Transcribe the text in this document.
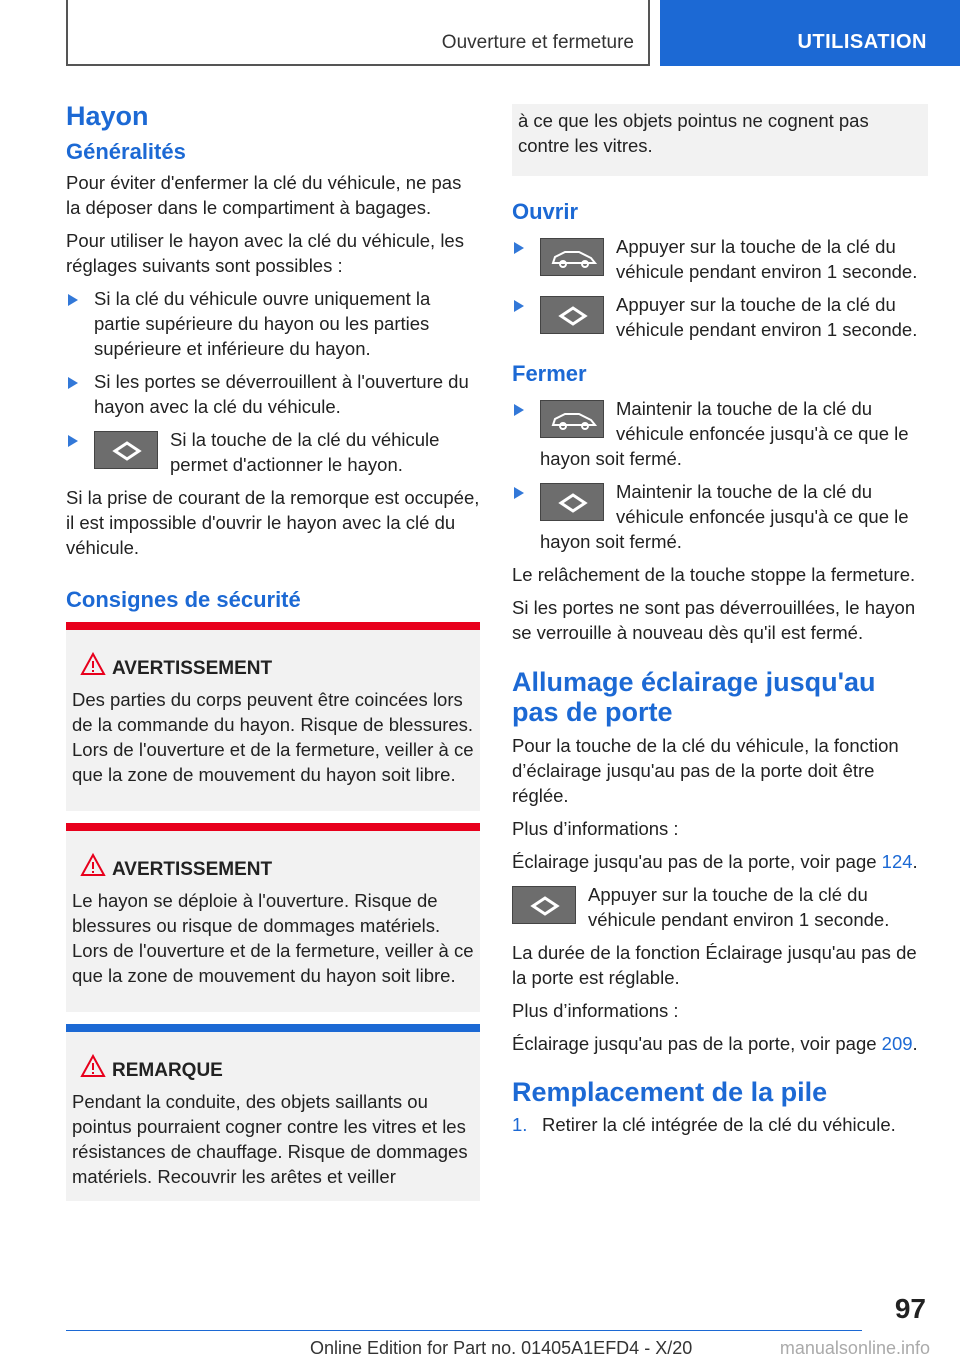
Ouverture et fermeture	UTILISATION
Hayon
Généralités

Pour éviter d'enfermer la clé du véhicule, ne pas la déposer dans le compartiment à bagages.

Pour utiliser le hayon avec la clé du véhicule, les réglages suivants sont possibles :

Si la clé du véhicule ouvre uniquement la partie supérieure du hayon ou les parties supérieure et inférieure du hayon.
Si les portes se déverrouillent à l'ouverture du hayon avec la clé du véhicule.
Si la touche de la clé du véhicule permet d'actionner le hayon.

Si la prise de courant de la remorque est occupée, il est impossible d'ouvrir le hayon avec la clé du véhicule.

Consignes de sécurité
AVERTISSEMENT

Des parties du corps peuvent être coincées lors de la commande du hayon. Risque de blessures. Lors de l'ouverture et de la fermeture, veiller à ce que la zone de mouvement du hayon soit libre.

AVERTISSEMENT

Le hayon se déploie à l'ouverture. Risque de blessures ou risque de dommages matériels. Lors de l'ouverture et de la fermeture, veiller à ce que la zone de mouvement du hayon soit libre.

REMARQUE

Pendant la conduite, des objets saillants ou pointus pourraient cogner contre les vitres et les résistances de chauffage. Risque de dommages matériels. Recouvrir les arêtes et veiller

à ce que les objets pointus ne cognent pas contre les vitres.

Ouvrir
Appuyer sur la touche de la clé du véhicule pendant environ 1 seconde.
Appuyer sur la touche de la clé du véhicule pendant environ 1 seconde.
Fermer
Maintenir la touche de la clé du véhicule enfoncée jusqu'à ce que le hayon soit fermé.
Maintenir la touche de la clé du véhicule enfoncée jusqu'à ce que le hayon soit fermé.

Le relâchement de la touche stoppe la fermeture.

Si les portes ne sont pas déverrouillées, le hayon se verrouille à nouveau dès qu'il est fermé.

Allumage éclairage jusqu'au pas de porte

Pour la touche de la clé du véhicule, la fonction d’éclairage jusqu'au pas de la porte doit être réglée.

Plus d’informations :

Éclairage jusqu'au pas de la porte, voir page 124.

Appuyer sur la touche de la clé du véhicule pendant environ 1 seconde.

La durée de la fonction Éclairage jusqu'au pas de la porte est réglable.

Plus d’informations :

Éclairage jusqu'au pas de la porte, voir page 209.

Remplacement de la pile
1. Retirer la clé intégrée de la clé du véhicule.
97
Online Edition for Part no. 01405A1EFD4 - X/20	manualsonline.info
